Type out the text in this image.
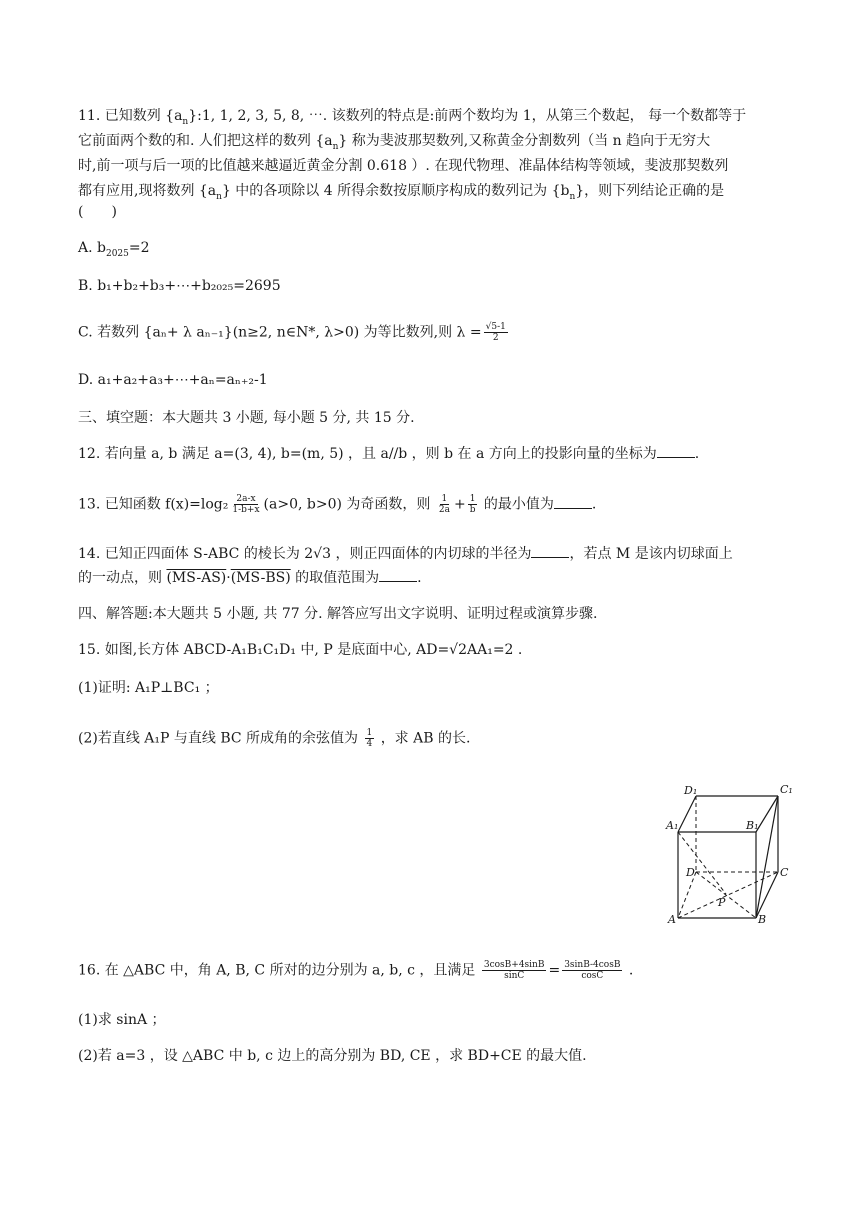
11. 已知数列 $\{a_n\}:1$, 1, 2, 3, 5, 8, ⋯. 该数列的特点是:前两个数均为 1，从第三个数起， 每一个数都等于
它前面两个数的和. 人们把这样的数列 $\{a_n\}$ 称为斐波那契数列,又称黄金分割数列（当 n 趋向于无穷大
时,前一项与后一项的比值越来越逼近黄金分割 0.618 ）. 在现代物理、准晶体结构等领域，斐波那契数列
都有应用,现将数列 $\{a_n\}$ 中的各项除以 4 所得余数按原顺序构成的数列记为 $\{b_n\}$，则下列结论正确的是
(　　)
A. $b_{2025}=2$
B. b₁+b₂+b₃+⋯+b₂₀₂₅=2695
C. 若数列 {aₙ+ λ aₙ₋₁}(n≥2, n∈N*, λ>0) 为等比数列,则 $\lambda = \frac{√5-1}{2}$
D. a₁+a₂+a₃+⋯+aₙ=aₙ₊₂-1
三、填空题：本大题共 3 小题, 每小题 5 分, 共 15 分.
12. 若向量 a, b 满足 a=(3, 4), b=(m, 5) ，且 a//b ，则 b 在 a 方向上的投影向量的坐标为	.
13. 已知函数 $f(x)=\log_2 \frac{2a-x}{1-b+x} (a>0$, b>0) 为奇函数，则 $\frac{1}{2a} + \frac{1}{b}$ 的最小值为	.
14. 已知正四面体 S-ABC 的棱长为 2√3 ，则正四面体的内切球的半径为	，若点 M 是该内切球面上
的一动点，则 (MS-AS)·(MS-BS) 的取值范围为	.
四、解答题:本大题共 5 小题, 共 77 分. 解答应写出文字说明、证明过程或演算步骤.
15. 如图,长方体 ABCD-A₁B₁C₁D₁ 中, P 是底面中心, AD=√2AA₁=2 .
(1)证明: A₁P⊥BC₁ ；
(2)若直线 A₁P 与直线 BC 所成角的余弦值为 $\frac{1}{4}$ ，求 AB 的长.
D₁	C₁
A₁	B₁
D	C
P
A	B
16. 在 △ABC 中，角 A, B, C 所对的边分别为 a, b, c ，且满足 $\frac{3\cos B+4\sin B}{\sin C} = \frac{3\sin B-4\cos B}{\cos C}$ .
(1)求 sinA ；
(2)若 a=3 ，设 △ABC 中 b, c 边上的高分别为 BD, CE ，求 BD+CE 的最大值.
